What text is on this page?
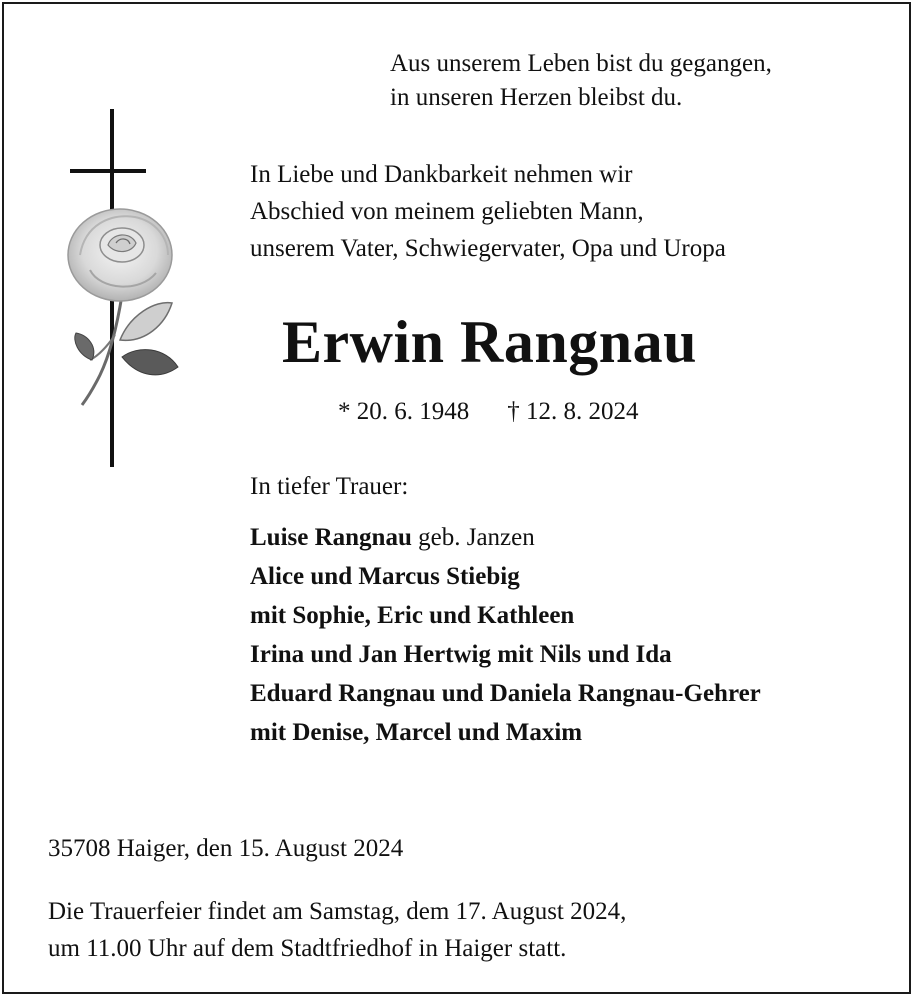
Aus unserem Leben bist du gegangen,
in unseren Herzen bleibst du.
In Liebe und Dankbarkeit nehmen wir
Abschied von meinem geliebten Mann,
unserem Vater, Schwiegervater, Opa und Uropa
Erwin Rangnau
* 20. 6. 1948 † 12. 8. 2024
In tiefer Trauer:
Luise Rangnau geb. Janzen
Alice und Marcus Stiebig
mit Sophie, Eric und Kathleen
Irina und Jan Hertwig mit Nils und Ida
Eduard Rangnau und Daniela Rangnau-Gehrer
mit Denise, Marcel und Maxim
35708 Haiger, den 15. August 2024
Die Trauerfeier findet am Samstag, dem 17. August 2024,
um 11.00 Uhr auf dem Stadtfriedhof in Haiger statt.
